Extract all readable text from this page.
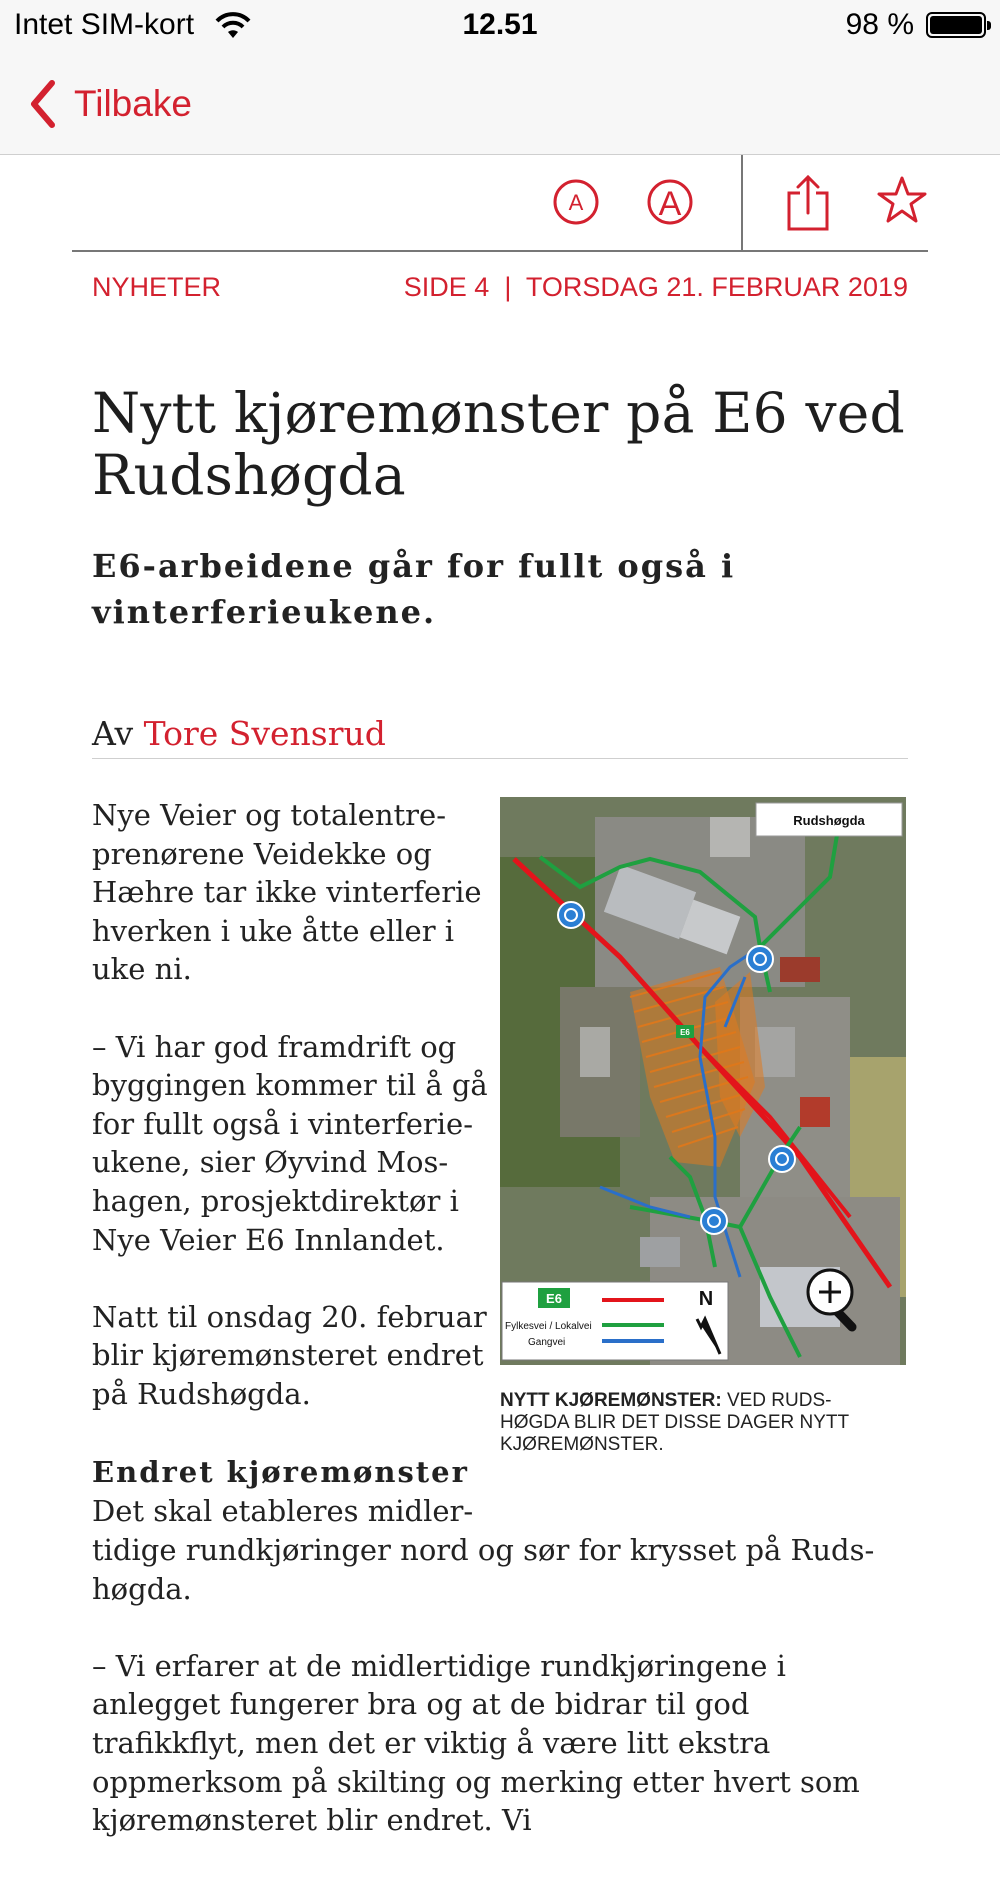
Intet SIM-kort	12.51	98 %
Tilbake
A A
NYHETER	SIDE 4  |  TORSDAG 21. FEBRUAR 2019
Nytt kjøremønster på E6 ved Rudshøgda

E6-arbeidene går for fullt også i vinterferieukene.

Av Tore Svensrud

Nye Veier og totalentre-prenørene Veidekke og Hæhre tar ikke vinterferie hverken i uke åtte eller i uke ni.

– Vi har god framdrift og byggingen kommer til å gå for fullt også i vinterferie-ukene, sier Øyvind Mos-hagen, prosjektdirektør i Nye Veier E6 Innlandet.

Natt til onsdag 20. februar blir kjøremønsteret endret på Rudshøgda.

Endret kjøremønster
Det skal etableres midler-

tidige rundkjøringer nord og sør for krysset på Ruds-høgda.

– Vi erfarer at de midlertidige rundkjøringene i anlegget fungerer bra og at de bidrar til god trafikkflyt, men det er viktig å være litt ekstra oppmerksom på skilting og merking etter hvert som kjøremønsteret blir endret. Vi

E6
Rudshøgda
E6
Fylkesvei / Lokalvei
Gangvei
N
NYTT KJØREMØNSTER: VED RUDS-HØGDA BLIR DET DISSE DAGER NYTT KJØREMØNSTER.
